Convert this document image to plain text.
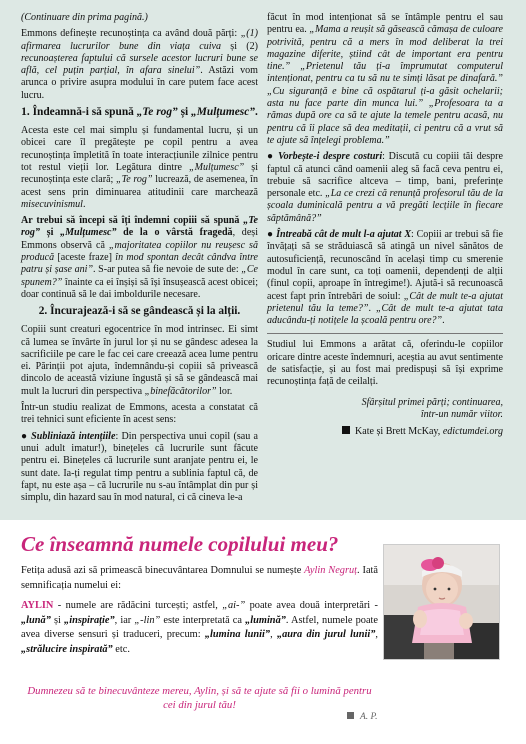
(Continuare din prima pagină.)

Emmons definește recunoștința ca având două părți: „(1) afirmarea lucrurilor bune din viața cuiva și (2) recunoașterea faptului că sursele acestor lucruri bune se află, cel puțin parțial, în afara sinelui”. Astăzi vom arunca o privire asupra modului în care putem face acest lucru.

1. Îndeamnă-i să spună „Te rog” și „Mulțumesc”.

Acesta este cel mai simplu și fundamental lucru, și un obicei care îl pregătește pe copil pentru a avea recunoștința împletită în toate interacțiunile zilnice pentru tot restul vieții lor. Legătura dintre „Mulțumesc” și recunoștința este clară; „Te rog” lucrează, de asemenea, în acest sens prin diminuarea atitudinii care marchează misecuvinismul.

Ar trebui să începi să îți îndemni copiii să spună „Te rog” și „Mulțumesc” de la o vârstă fragedă, deși Emmons observă că „majoritatea copiilor nu reușesc să producă [aceste fraze] în mod spontan decât cândva între patru și șase ani”. S-ar putea să fie nevoie de sute de: „Ce spunem?” înainte ca ei înșiși să își însușească acest obicei; doar continuă să le dai imboldurile necesare.

2. Încurajează-i să se gândească și la alții.

Copiii sunt creaturi egocentrice în mod intrinsec. Ei simt că lumea se învârte în jurul lor și nu se gândesc adesea la sacrificiile pe care le fac cei care creează acea lume pentru ei. Părinții pot ajuta, îndemnându-și copiii să privească dincolo de această viziune îngustă și să se gândească mai mult la lucruri din perspectiva „binefăcătorilor” lor.

Într-un studiu realizat de Emmons, acesta a constatat că trei tehnici sunt eficiente în acest sens:

● Subliniază intențiile: Din perspectiva unui copil (sau a unui adult imatur!), binețeles că lucrurile sunt făcute pentru ei. Binețeles că lucrurile sunt aranjate pentru ei, le sunt date. Ia-ți regulat timp pentru a sublinia faptul că, de fapt, nu este așa – că lucrurile nu s-au întâmplat din pur și simplu, din hazard sau în mod natural, ci că cineva le-a

făcut în mod intenționat să se întâmple pentru el sau pentru ea. „Mama a reușit să găsească cămașa de culoare potrivită, pentru că a mers în mod deliberat la trei magazine diferite, știind cât de important era pentru tine.” „Prietenul tău ți-a împrumutat computerul intenționat, pentru ca tu să nu te simți lăsat pe dinafară.” „Cu siguranță e bine că ospătarul ți-a găsit ochelarii; asta nu face parte din munca lui.” „Profesoara ta a rămas după ore ca să te ajute la temele pentru acasă, nu pentru că îi place să dea meditații, ci pentru că a vrut să te ajute să înțelegi problema.”

● Vorbește-i despre costuri: Discută cu copiii tăi despre faptul că atunci când oamenii aleg să facă ceva pentru ei, trebuie să sacrifice altceva – timp, bani, preferințe personale etc. „La ce crezi că renunță profesorul tău de la școala duminicală pentru a vă pregăti lecțiile în fiecare săptămână?”

● Întreabă cât de mult l-a ajutat X: Copiii ar trebui să fie învățați să se străduiască să atingă un nivel sănătos de autosuficiență, recunoscând în același timp cu smerenie modul în care sunt, ca toți oamenii, dependenți de alții (finul copii, aproape în întregime!). Ajută-i să recunoască acest fapt prin întrebări de soiul: „Cât de mult te-a ajutat prietenul tău la teme?”. „Cât de mult te-a ajutat tata aducându-ți notițele la școală pentru ore?”.

Studiul lui Emmons a arătat că, oferindu-le copiilor oricare dintre aceste îndemnuri, aceștia au avut sentimente de satisfacție, și au fost mai predispuși să își exprime recunoștința față de ceilalți.

Sfârșitul primei părți; continuarea,
într-un număr viitor.
Kate și Brett McKay, edictumdei.org
Ce înseamnă numele copilului meu?
Fetița adusă azi să primească binecuvântarea Domnului se numește Aylin Negruț. Iată semnificația numelui ei:
AYLIN - numele are rădăcini turcești; astfel, „ai-” poate avea două interpretări - „lună” și „inspirație”, iar „-lin” este interpretată ca „lumină”. Astfel, numele poate avea diverse sensuri și traduceri, precum: „lumina lunii”, „aura din jurul lunii”, „strălucire inspirată” etc.
Dumnezeu să te binecuvânteze mereu, Aylin, și să te ajute să fii o lumină pentru cei din jurul tău!
A. P.
